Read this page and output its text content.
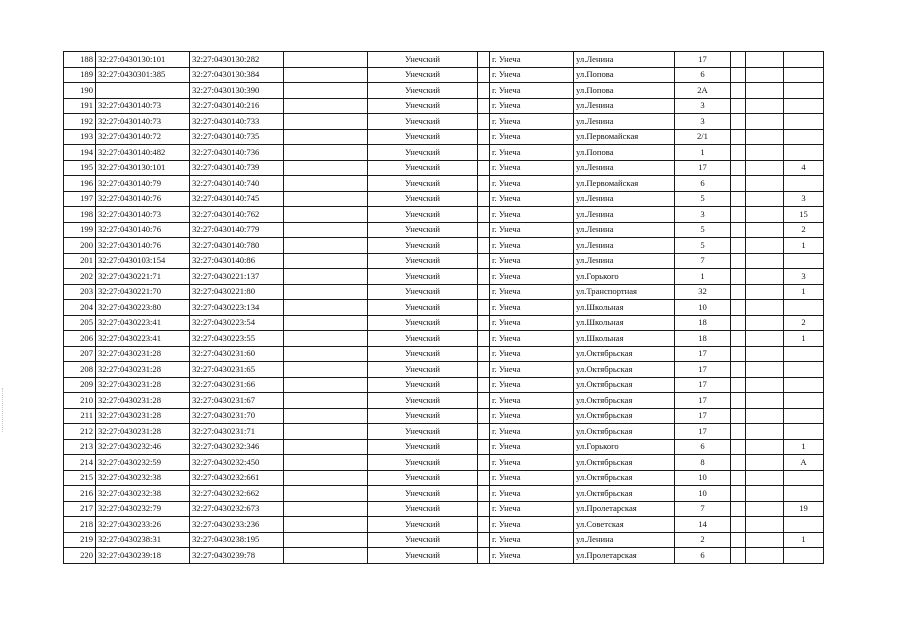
188	32:27:0430130:101	32:27:0430130:282		Унечский		г. Унеча	ул.Ленина	17			
189	32:27:0430301:385	32:27:0430130:384		Унечский		г. Унеча	ул.Попова	6			
190		32:27:0430130:390		Унечский		г. Унеча	ул.Попова	2А			
191	32:27:0430140:73	32:27:0430140:216		Унечский		г. Унеча	ул.Ленина	3			
192	32:27:0430140:73	32:27:0430140:733		Унечский		г. Унеча	ул.Ленина	3			
193	32:27:0430140:72	32:27:0430140:735		Унечский		г. Унеча	ул.Первомайская	2/1			
194	32:27:0430140:482	32:27:0430140:736		Унечский		г. Унеча	ул.Попова	1			
195	32:27:0430130:101	32:27:0430140:739		Унечский		г. Унеча	ул.Ленина	17			4
196	32:27:0430140:79	32:27:0430140:740		Унечский		г. Унеча	ул.Первомайская	6			
197	32:27:0430140:76	32:27:0430140:745		Унечский		г. Унеча	ул.Ленина	5			3
198	32:27:0430140:73	32:27:0430140:762		Унечский		г. Унеча	ул.Ленина	3			15
199	32:27:0430140:76	32:27:0430140:779		Унечский		г. Унеча	ул.Ленина	5			2
200	32:27:0430140:76	32:27:0430140:780		Унечский		г. Унеча	ул.Ленина	5			1
201	32:27:0430103:154	32:27:0430140:86		Унечский		г. Унеча	ул.Ленина	7			
202	32:27:0430221:71	32:27:0430221:137		Унечский		г. Унеча	ул.Горького	1			3
203	32:27:0430221:70	32:27:0430221:80		Унечский		г. Унеча	ул.Транспортная	32			1
204	32:27:0430223:80	32:27:0430223:134		Унечский		г. Унеча	ул.Школьная	10			
205	32:27:0430223:41	32:27:0430223:54		Унечский		г. Унеча	ул.Школьная	18			2
206	32:27:0430223:41	32:27:0430223:55		Унечский		г. Унеча	ул.Школьная	18			1
207	32:27:0430231:28	32:27:0430231:60		Унечский		г. Унеча	ул.Октябрьская	17			
208	32:27:0430231:28	32:27:0430231:65		Унечский		г. Унеча	ул.Октябрьская	17			
209	32:27:0430231:28	32:27:0430231:66		Унечский		г. Унеча	ул.Октябрьская	17			
210	32:27:0430231:28	32:27:0430231:67		Унечский		г. Унеча	ул.Октябрьская	17			
211	32:27:0430231:28	32:27:0430231:70		Унечский		г. Унеча	ул.Октябрьская	17			
212	32:27:0430231:28	32:27:0430231:71		Унечский		г. Унеча	ул.Октябрьская	17			
213	32:27:0430232:46	32:27:0430232:346		Унечский		г. Унеча	ул.Горького	6			1
214	32:27:0430232:59	32:27:0430232:450		Унечский		г. Унеча	ул.Октябрьская	8			А
215	32:27:0430232:38	32:27:0430232:661		Унечский		г. Унеча	ул.Октябрьская	10			
216	32:27:0430232:38	32:27:0430232:662		Унечский		г. Унеча	ул.Октябрьская	10			
217	32:27:0430232:79	32:27:0430232:673		Унечский		г. Унеча	ул.Пролетарская	7			19
218	32:27:0430233:26	32:27:0430233:236		Унечский		г. Унеча	ул.Советская	14			
219	32:27:0430238:31	32:27:0430238:195		Унечский		г. Унеча	ул.Ленина	2			1
220	32:27:0430239:18	32:27:0430239:78		Унечский		г. Унеча	ул.Пролетарская	6			
